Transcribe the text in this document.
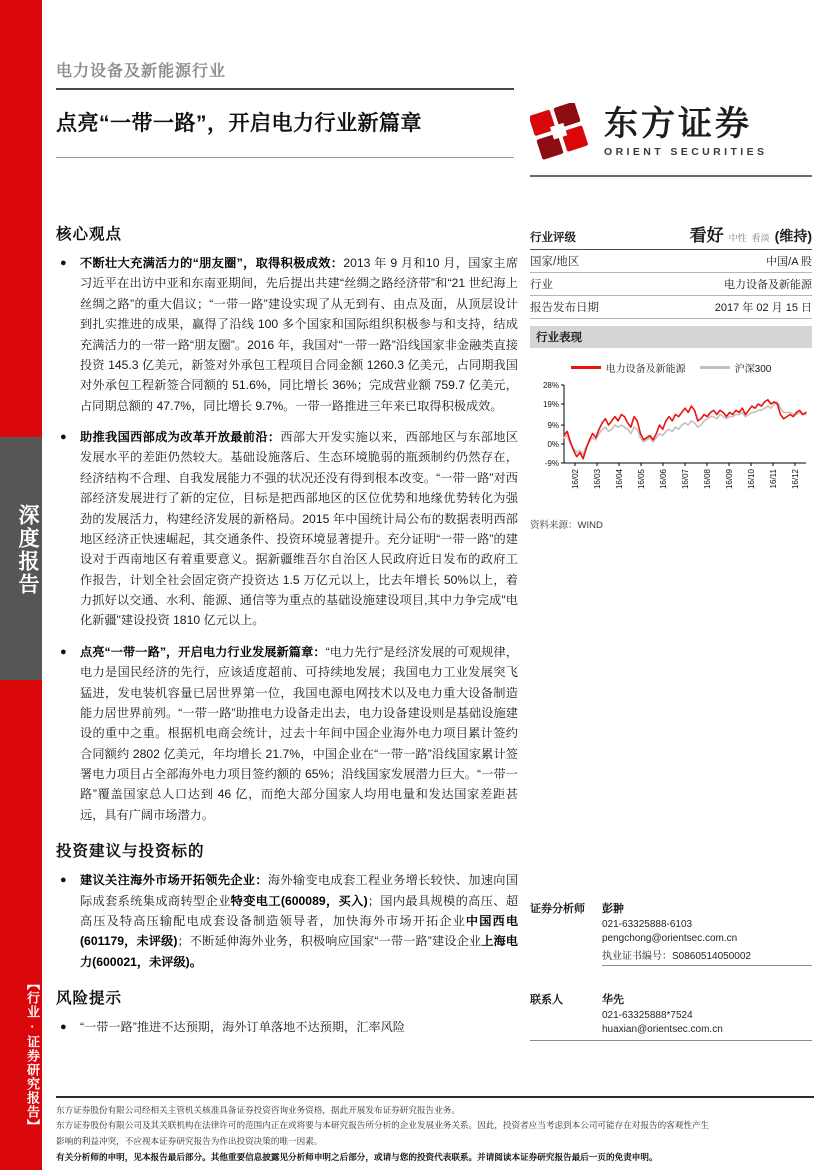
深度报告
【行业·证券研究报告】
电力设备及新能源行业
点亮“一带一路”，开启电力行业新篇章	东方证券
ORIENT SECURITIES
行业评级	看好 中性 看淡 (维持)
国家/地区	中国/A 股
行业	电力设备及新能源
报告发布日期	2017 年 02 月 15 日
行业表现
电力设备及新能源	沪深300
28%
19%
9%
0%
-9%
16/02 16/03 16/04 16/05 16/06 16/07 16/08 16/09 16/10 16/11 16/12
资料来源：WIND
证券分析师	彭翀
021-63325888-6103
pengchong@orientsec.com.cn
执业证书编号：S0860514050002
联系人	华先
021-63325888*7524
huaxian@orientsec.com.cn
核心观点
●	不断壮大充满活力的“朋友圈”，取得积极成效：2013 年 9 月和10 月，国家主席习近平在出访中亚和东南亚期间，先后提出共建“丝绸之路经济带”和“21 世纪海上丝绸之路”的重大倡议；“一带一路”建设实现了从无到有、由点及面，从顶层设计到扎实推进的成果，赢得了沿线 100 多个国家和国际组织积极参与和支持，结成充满活力的一带一路“朋友圈”。2016 年，我国对“一带一路”沿线国家非金融类直接投资 145.3 亿美元，新签对外承包工程项目合同金额 1260.3 亿美元，占同期我国对外承包工程新签合同额的 51.6%，同比增长 36%；完成营业额 759.7 亿美元，占同期总额的 47.7%，同比增长 9.7%。一带一路推进三年来已取得积极成效。
●	助推我国西部成为改革开放最前沿：西部大开发实施以来，西部地区与东部地区发展水平的差距仍然较大。基础设施落后、生态环境脆弱的瓶颈制约仍然存在，经济结构不合理、自我发展能力不强的状况还没有得到根本改变。“一带一路”对西部经济发展进行了新的定位，目标是把西部地区的区位优势和地缘优势转化为强劲的发展活力，构建经济发展的新格局。2015 年中国统计局公布的数据表明西部地区经济正快速崛起，其交通条件、投资环境显著提升。充分证明“一带一路”的建设对于西南地区有着重要意义。据新疆维吾尔自治区人民政府近日发布的政府工作报告，计划全社会固定资产投资达 1.5 万亿元以上，比去年增长 50%以上，着力抓好以交通、水利、能源、通信等为重点的基础设施建设项目,其中力争完成"电化新疆"建设投资 1810 亿元以上。
●	点亮“一带一路”，开启电力行业发展新篇章：“电力先行”是经济发展的可观规律，电力是国民经济的先行，应该适度超前、可持续地发展；我国电力工业发展突飞猛进，发电装机容量已居世界第一位，我国电源电网技术以及电力重大设备制造能力居世界前列。“一带一路”助推电力设备走出去，电力设备建设则是基础设施建设的重中之重。根据机电商会统计，过去十年间中国企业海外电力项目累计签约合同额约 2802 亿美元，年均增长 21.7%，中国企业在“一带一路”沿线国家累计签署电力项目占全部海外电力项目签约额的 65%；沿线国家发展潜力巨大。“一带一路”覆盖国家总人口达到 46 亿，而绝大部分国家人均用电量和发达国家差距甚远，具有广阔市场潜力。
投资建议与投资标的
●	建议关注海外市场开拓领先企业：海外输变电成套工程业务增长较快、加速向国际成套系统集成商转型企业特变电工(600089，买入)；国内最具规模的高压、超高压及特高压输配电成套设备制造领导者，加快海外市场开拓企业中国西电(601179，未评级)；不断延伸海外业务，积极响应国家“一带一路”建设企业上海电力(600021，未评级)。
风险提示
●	“一带一路”推进不达预期，海外订单落地不达预期，汇率风险

东方证券股份有限公司经相关主管机关核准具备证券投资咨询业务资格，据此开展发布证券研究报告业务。

东方证券股份有限公司及其关联机构在法律许可的范围内正在或将要与本研究报告所分析的企业发展业务关系。因此，投资者应当考虑到本公司可能存在对报告的客观性产生

影响的利益冲突，不应视本证券研究报告为作出投资决策的唯一因素。

有关分析师的申明，见本报告最后部分。其他重要信息披露见分析师申明之后部分，或请与您的投资代表联系。并请阅读本证券研究报告最后一页的免责申明。
